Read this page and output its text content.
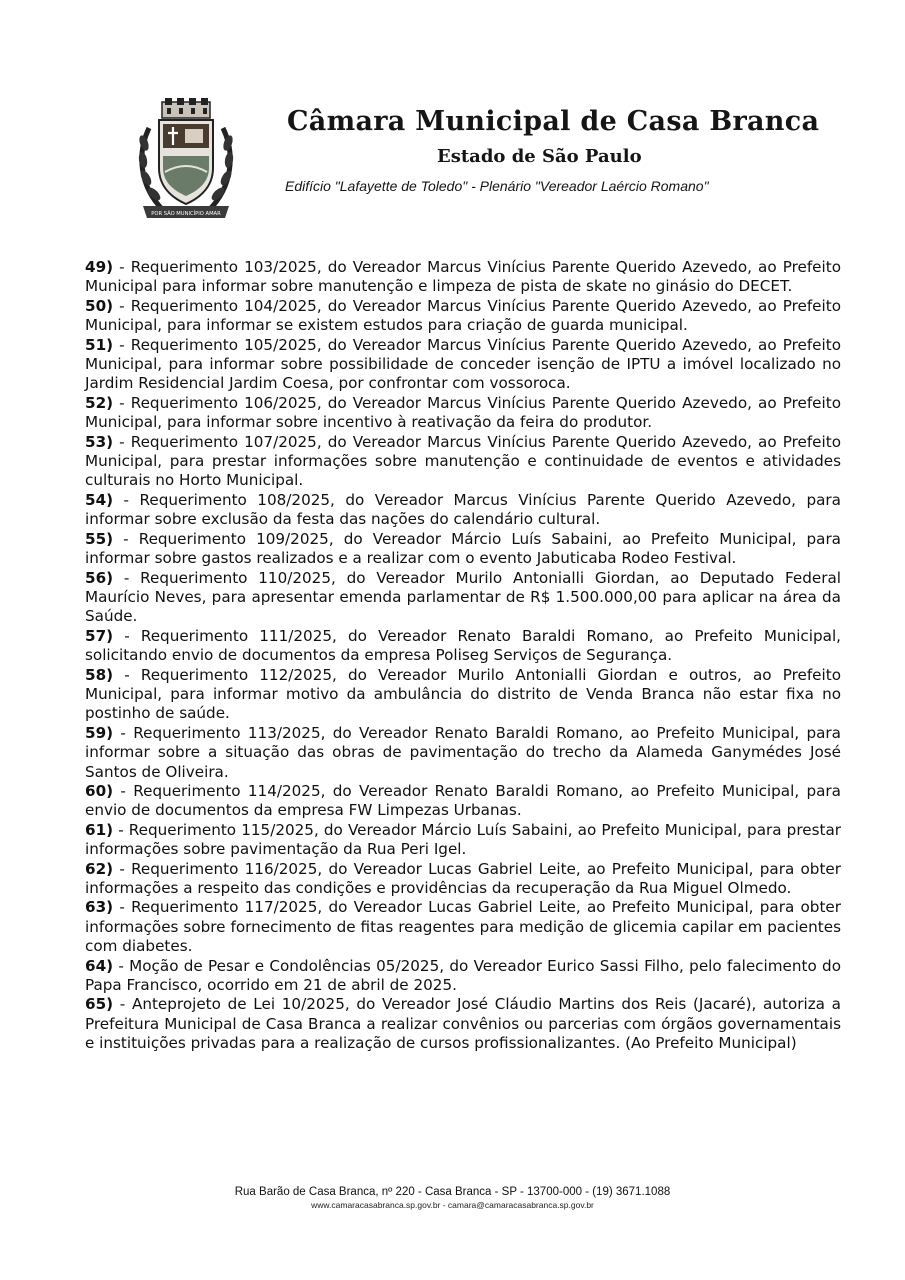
POR SÃO MUNICÍPIO AMAR
Câmara Municipal de Casa Branca
Estado de São Paulo
Edifício "Lafayette de Toledo" - Plenário "Vereador Laércio Romano"

49) - Requerimento 103/2025, do Vereador Marcus Vinícius Parente Querido Azevedo, ao Prefeito Municipal para informar sobre manutenção e limpeza de pista de skate no ginásio do DECET.

50) - Requerimento 104/2025, do Vereador Marcus Vinícius Parente Querido Azevedo, ao Prefeito Municipal, para informar se existem estudos para criação de guarda municipal.

51) - Requerimento 105/2025, do Vereador Marcus Vinícius Parente Querido Azevedo, ao Prefeito Municipal, para informar sobre possibilidade de conceder isenção de IPTU a imóvel localizado no Jardim Residencial Jardim Coesa, por confrontar com vossoroca.

52) - Requerimento 106/2025, do Vereador Marcus Vinícius Parente Querido Azevedo, ao Prefeito Municipal, para informar sobre incentivo à reativação da feira do produtor.

53) - Requerimento 107/2025, do Vereador Marcus Vinícius Parente Querido Azevedo, ao Prefeito Municipal, para prestar informações sobre manutenção e continuidade de eventos e atividades culturais no Horto Municipal.

54) - Requerimento 108/2025, do Vereador Marcus Vinícius Parente Querido Azevedo, para informar sobre exclusão da festa das nações do calendário cultural.

55) - Requerimento 109/2025, do Vereador Márcio Luís Sabaini, ao Prefeito Municipal, para informar sobre gastos realizados e a realizar com o evento Jabuticaba Rodeo Festival.

56) - Requerimento 110/2025, do Vereador Murilo Antonialli Giordan, ao Deputado Federal Maurício Neves, para apresentar emenda parlamentar de R$ 1.500.000,00 para aplicar na área da Saúde.

57) - Requerimento 111/2025, do Vereador Renato Baraldi Romano, ao Prefeito Municipal, solicitando envio de documentos da empresa Poliseg Serviços de Segurança.

58) - Requerimento 112/2025, do Vereador Murilo Antonialli Giordan e outros, ao Prefeito Municipal, para informar motivo da ambulância do distrito de Venda Branca não estar fixa no postinho de saúde.

59) - Requerimento 113/2025, do Vereador Renato Baraldi Romano, ao Prefeito Municipal, para informar sobre a situação das obras de pavimentação do trecho da Alameda Ganymédes José Santos de Oliveira.

60) - Requerimento 114/2025, do Vereador Renato Baraldi Romano, ao Prefeito Municipal, para envio de documentos da empresa FW Limpezas Urbanas.

61) - Requerimento 115/2025, do Vereador Márcio Luís Sabaini, ao Prefeito Municipal, para prestar informações sobre pavimentação da Rua Peri Igel.

62) - Requerimento 116/2025, do Vereador Lucas Gabriel Leite, ao Prefeito Municipal, para obter informações a respeito das condições e providências da recuperação da Rua Miguel Olmedo.

63) - Requerimento 117/2025, do Vereador Lucas Gabriel Leite, ao Prefeito Municipal, para obter informações sobre fornecimento de fitas reagentes para medição de glicemia capilar em pacientes com diabetes.

64) - Moção de Pesar e Condolências 05/2025, do Vereador Eurico Sassi Filho, pelo falecimento do Papa Francisco, ocorrido em 21 de abril de 2025.

65) - Anteprojeto de Lei 10/2025, do Vereador José Cláudio Martins dos Reis (Jacaré), autoriza a Prefeitura Municipal de Casa Branca a realizar convênios ou parcerias com órgãos governamentais e instituições privadas para a realização de cursos profissionalizantes. (Ao Prefeito Municipal)

Rua Barão de Casa Branca, nº 220 - Casa Branca - SP - 13700-000 - (19) 3671.1088
www.camaracasabranca.sp.gov.br - camara@camaracasabranca.sp.gov.br
